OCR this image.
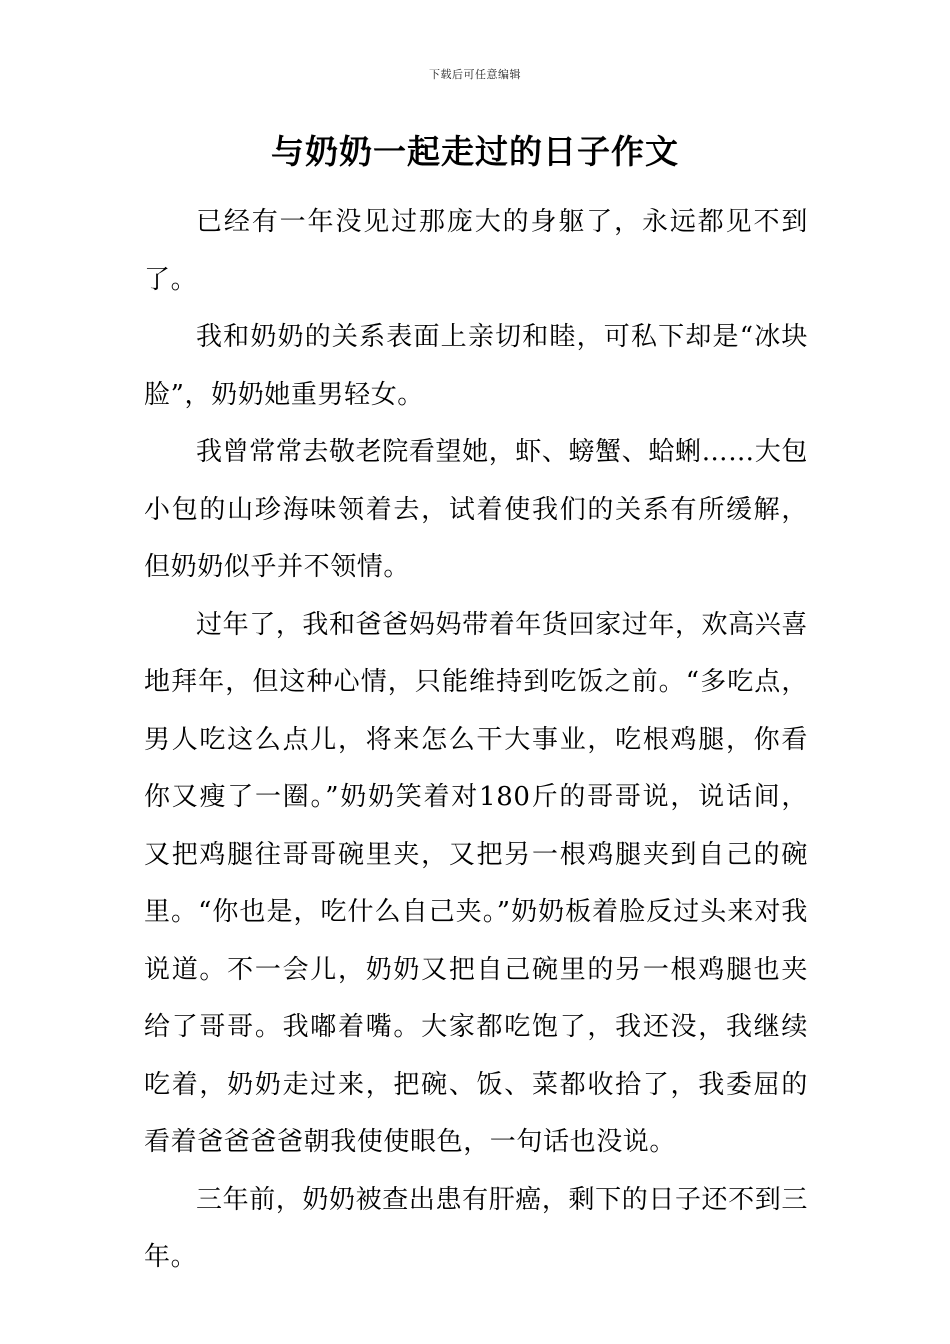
下载后可任意编辑
与奶奶一起走过的日子作文

已经有一年没见过那庞大的身躯了，永远都见不到了。

我和奶奶的关系表面上亲切和睦，可私下却是“冰块脸”，奶奶她重男轻女。

我曾常常去敬老院看望她，虾、螃蟹、蛤蜊……大包小包的山珍海味领着去，试着使我们的关系有所缓解，但奶奶似乎并不领情。

过年了，我和爸爸妈妈带着年货回家过年，欢高兴喜地拜年，但这种心情，只能维持到吃饭之前。“多吃点，男人吃这么点儿，将来怎么干大事业，吃根鸡腿，你看你又瘦了一圈。”奶奶笑着对180斤的哥哥说，说话间，又把鸡腿往哥哥碗里夹，又把另一根鸡腿夹到自己的碗里。“你也是，吃什么自己夹。”奶奶板着脸反过头来对我说道。不一会儿，奶奶又把自己碗里的另一根鸡腿也夹给了哥哥。我嘟着嘴。大家都吃饱了，我还没，我继续吃着，奶奶走过来，把碗、饭、菜都收拾了，我委屈的看着爸爸爸爸朝我使使眼色，一句话也没说。

三年前，奶奶被查出患有肝癌，剩下的日子还不到三年。
